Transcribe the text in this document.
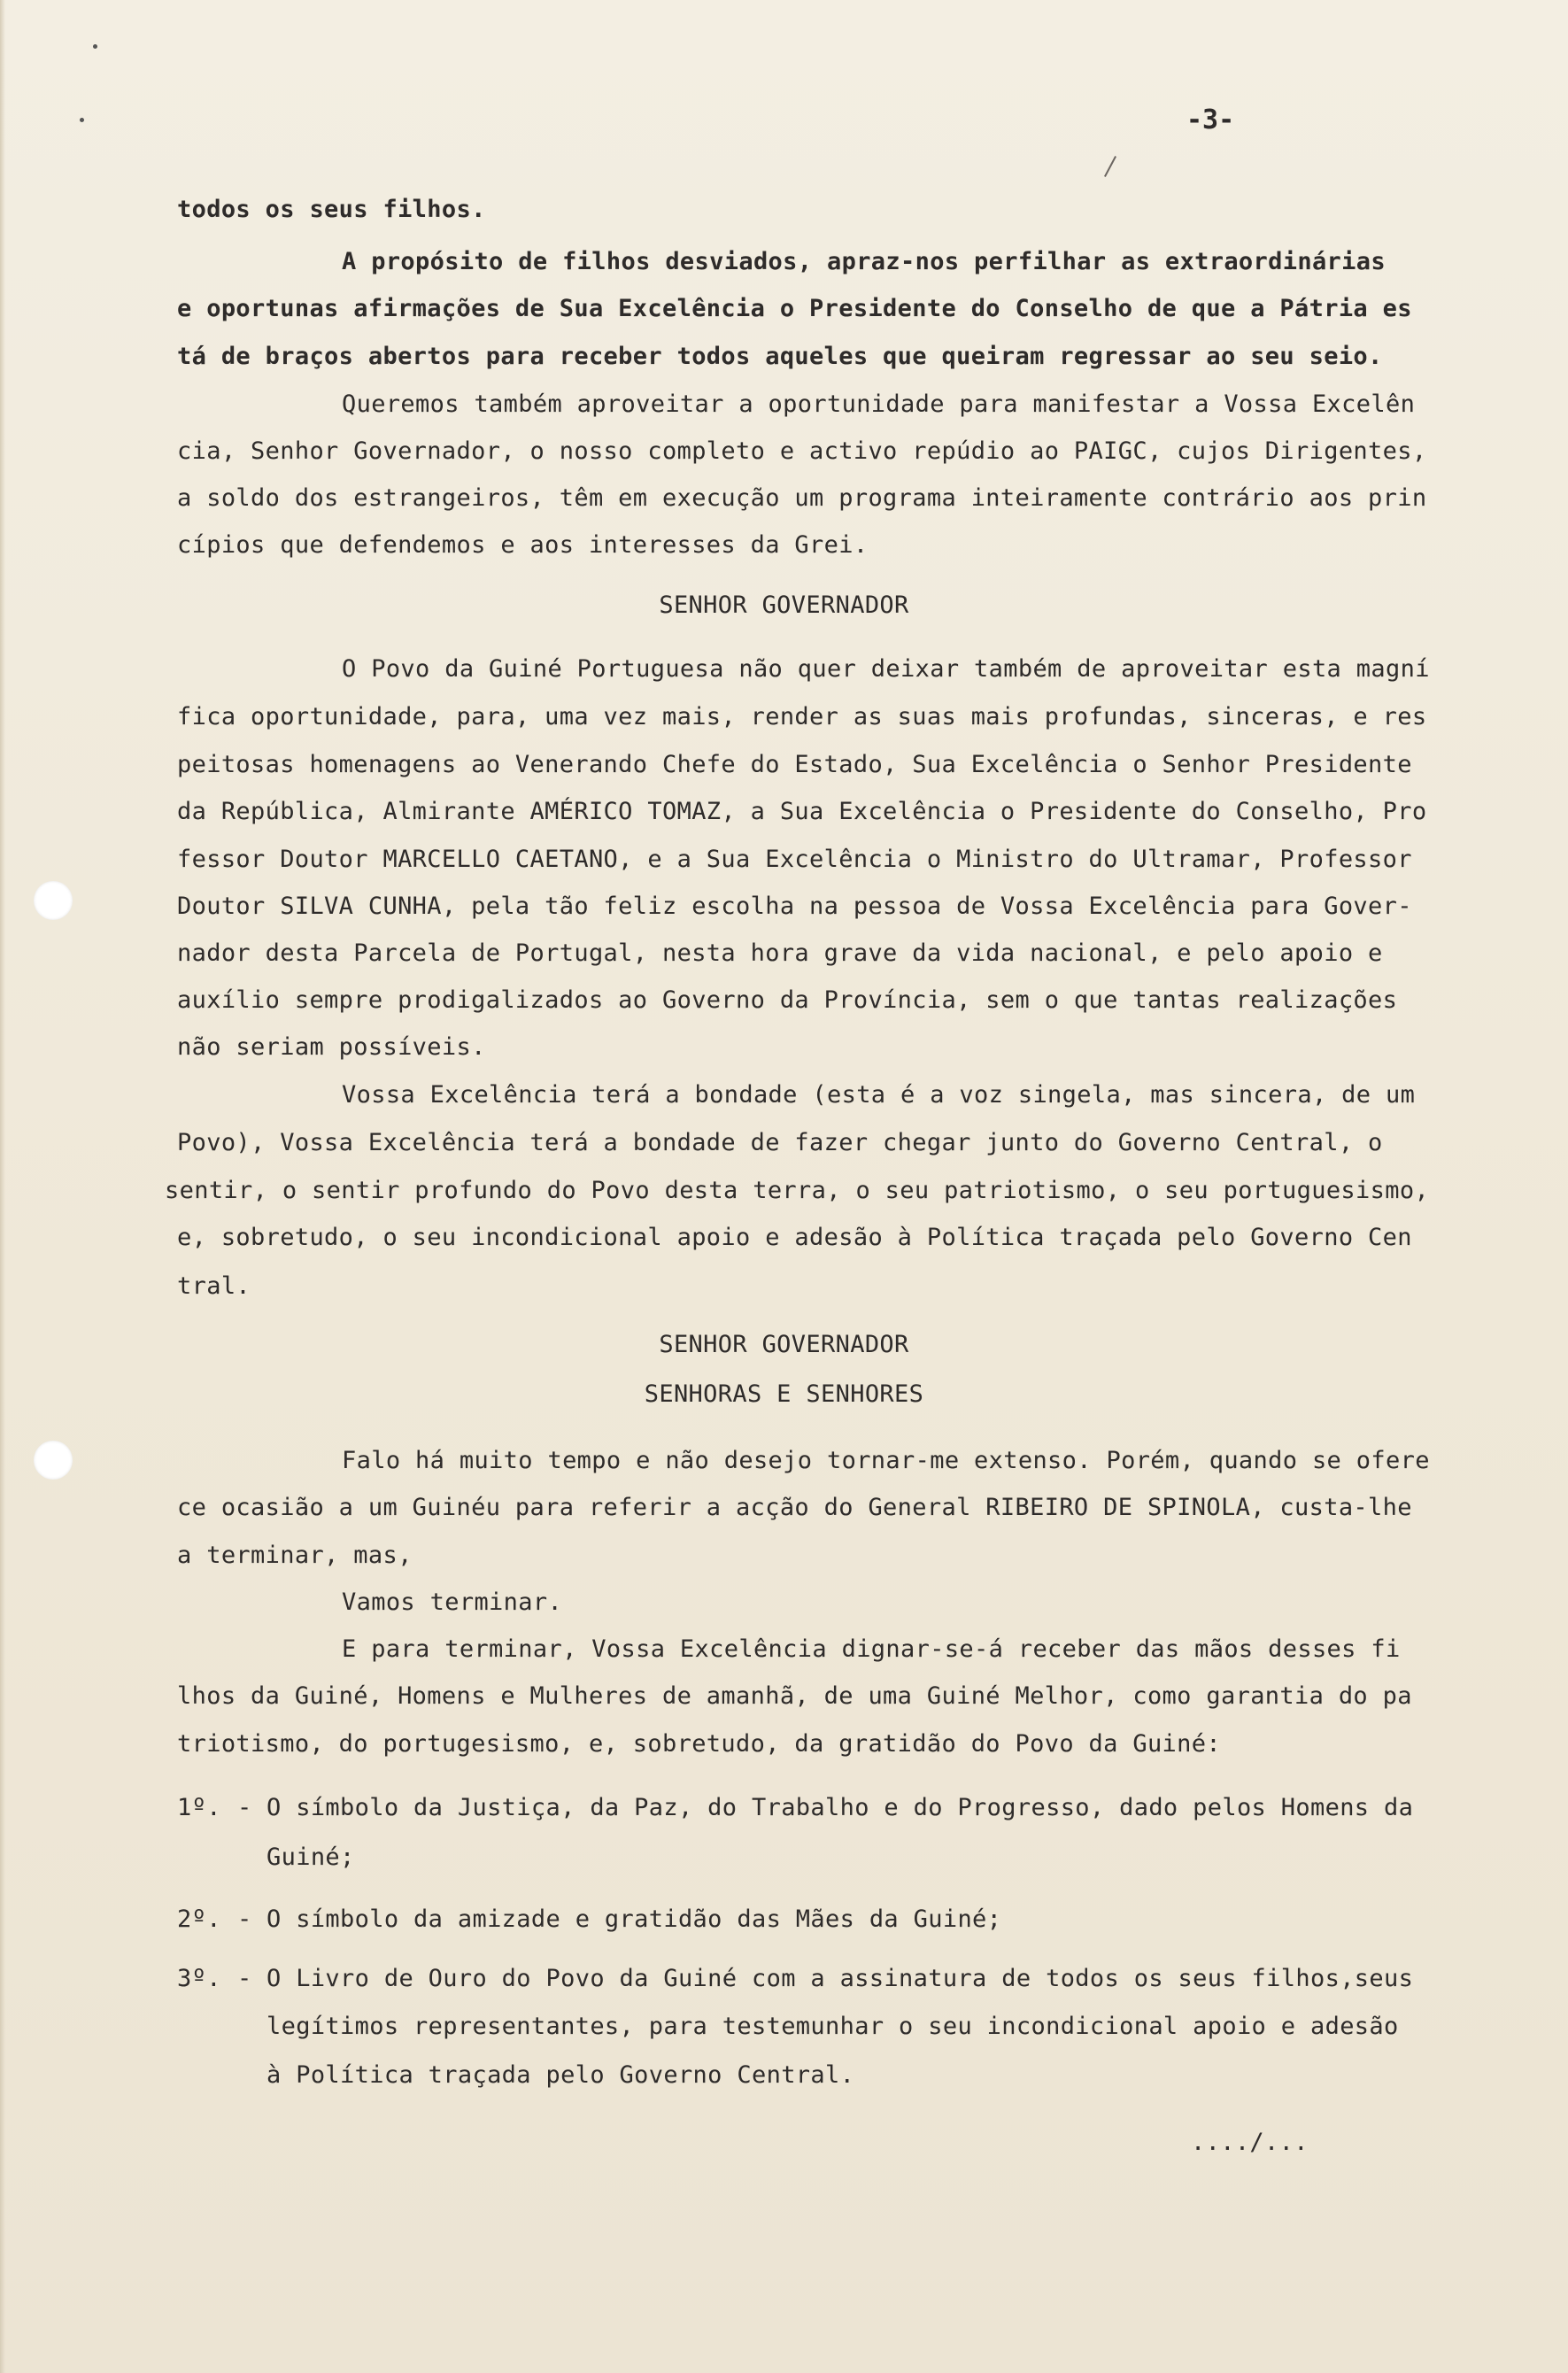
-3-
todos os seus filhos.
A propósito de filhos desviados, apraz-nos perfilhar as extraordinárias
e oportunas afirmações de Sua Excelência o Presidente do Conselho de que a Pátria es
tá de braços abertos para receber todos aqueles que queiram regressar ao seu seio.
Queremos também aproveitar a oportunidade para manifestar a Vossa Excelên
cia, Senhor Governador, o nosso completo e activo repúdio ao PAIGC, cujos Dirigentes,
a soldo dos estrangeiros, têm em execução um programa inteiramente contrário aos prin
cípios que defendemos e aos interesses da Grei.
SENHOR GOVERNADOR
O Povo da Guiné Portuguesa não quer deixar também de aproveitar esta magní
fica oportunidade, para, uma vez mais, render as suas mais profundas, sinceras, e res
peitosas homenagens ao Venerando Chefe do Estado, Sua Excelência o Senhor Presidente
da República, Almirante AMÉRICO TOMAZ, a Sua Excelência o Presidente do Conselho, Pro
fessor Doutor MARCELLO CAETANO, e a Sua Excelência o Ministro do Ultramar, Professor
Doutor SILVA CUNHA, pela tão feliz escolha na pessoa de Vossa Excelência para Gover-
nador desta Parcela de Portugal, nesta hora grave da vida nacional, e pelo apoio e
auxílio sempre prodigalizados ao Governo da Província, sem o que tantas realizações
não seriam possíveis.
Vossa Excelência terá a bondade (esta é a voz singela, mas sincera, de um
Povo), Vossa Excelência terá a bondade de fazer chegar junto do Governo Central, o
sentir, o sentir profundo do Povo desta terra, o seu patriotismo, o seu portuguesismo,
e, sobretudo, o seu incondicional apoio e adesão à Política traçada pelo Governo Cen
tral.
SENHOR GOVERNADOR
SENHORAS E SENHORES
Falo há muito tempo e não desejo tornar-me extenso. Porém, quando se ofere
ce ocasião a um Guinéu para referir a acção do General RIBEIRO DE SPINOLA, custa-lhe
a terminar, mas,
Vamos terminar.
E para terminar, Vossa Excelência dignar-se-á receber das mãos desses fi
lhos da Guiné, Homens e Mulheres de amanhã, de uma Guiné Melhor, como garantia do pa
triotismo, do portugesismo, e, sobretudo, da gratidão do Povo da Guiné:
1º. - O símbolo da Justiça, da Paz, do Trabalho e do Progresso, dado pelos Homens da
Guiné;
2º. - O símbolo da amizade e gratidão das Mães da Guiné;
3º. - O Livro de Ouro do Povo da Guiné com a assinatura de todos os seus filhos,seus
legítimos representantes, para testemunhar o seu incondicional apoio e adesão
à Política traçada pelo Governo Central.
..../...
